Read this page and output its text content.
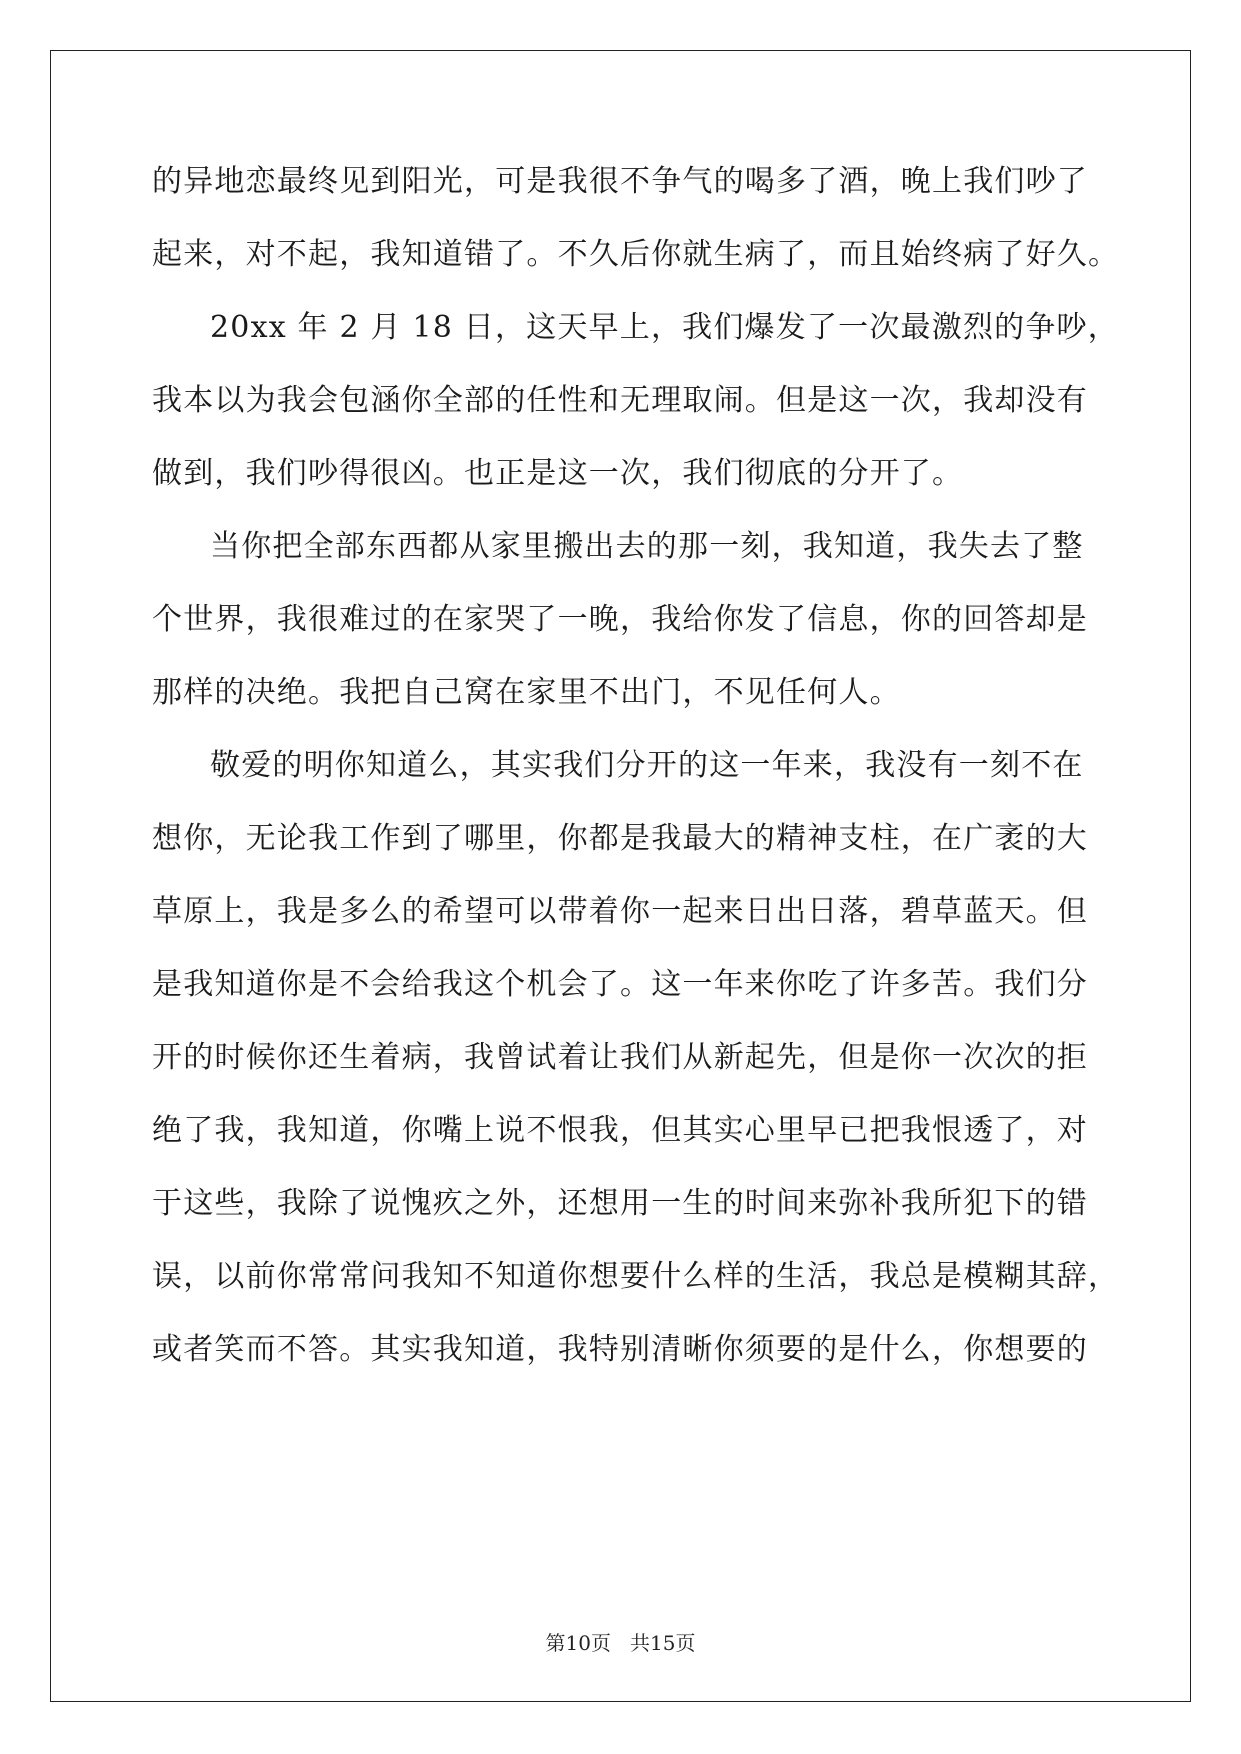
的异地恋最终见到阳光，可是我很不争气的喝多了酒，晚上我们吵了
起来，对不起，我知道错了。不久后你就生病了，而且始终病了好久。
20xx 年 2 月 18 日，这天早上，我们爆发了一次最激烈的争吵，
我本以为我会包涵你全部的任性和无理取闹。但是这一次，我却没有
做到，我们吵得很凶。也正是这一次，我们彻底的分开了。
当你把全部东西都从家里搬出去的那一刻，我知道，我失去了整
个世界，我很难过的在家哭了一晚，我给你发了信息，你的回答却是
那样的决绝。我把自己窝在家里不出门，不见任何人。
敬爱的明你知道么，其实我们分开的这一年来，我没有一刻不在
想你，无论我工作到了哪里，你都是我最大的精神支柱，在广袤的大
草原上，我是多么的希望可以带着你一起来日出日落，碧草蓝天。但
是我知道你是不会给我这个机会了。这一年来你吃了许多苦。我们分
开的时候你还生着病，我曾试着让我们从新起先，但是你一次次的拒
绝了我，我知道，你嘴上说不恨我，但其实心里早已把我恨透了，对
于这些，我除了说愧疚之外，还想用一生的时间来弥补我所犯下的错
误，以前你常常问我知不知道你想要什么样的生活，我总是模糊其辞，
或者笑而不答。其实我知道，我特别清晰你须要的是什么，你想要的
第10页 共15页
